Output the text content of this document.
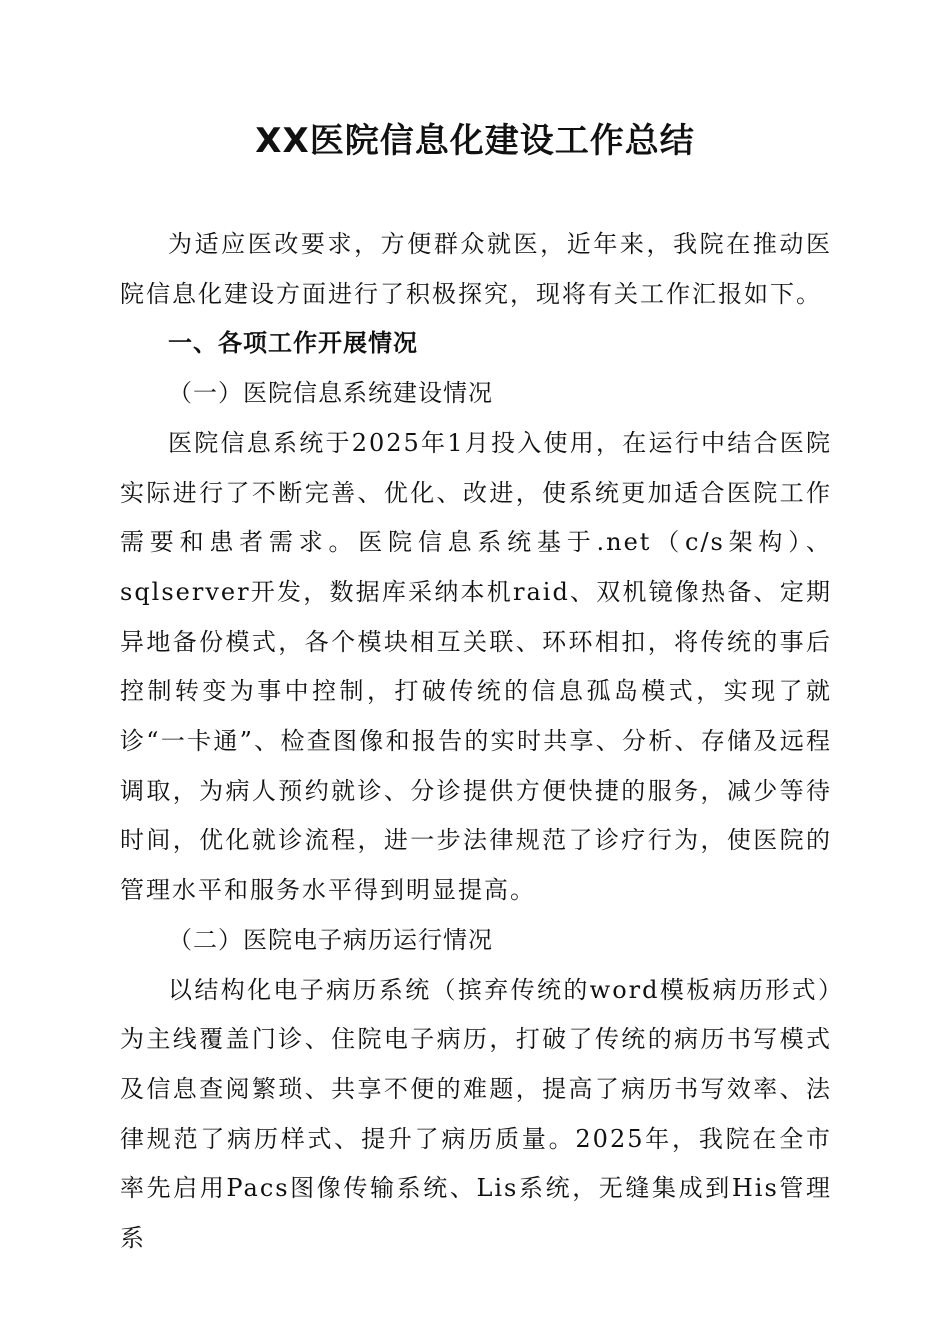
XX医院信息化建设工作总结

为适应医改要求，方便群众就医，近年来，我院在推动医院信息化建设方面进行了积极探究，现将有关工作汇报如下。

一、各项工作开展情况

（一）医院信息系统建设情况

医院信息系统于2025年1月投入使用，在运行中结合医院实际进行了不断完善、优化、改进，使系统更加适合医院工作需要和患者需求。医院信息系统基于.net（c/s架构）、sqlserver开发，数据库采纳本机raid、双机镜像热备、定期异地备份模式，各个模块相互关联、环环相扣，将传统的事后控制转变为事中控制，打破传统的信息孤岛模式，实现了就诊“一卡通”、检查图像和报告的实时共享、分析、存储及远程调取，为病人预约就诊、分诊提供方便快捷的服务，减少等待时间，优化就诊流程，进一步法律规范了诊疗行为，使医院的管理水平和服务水平得到明显提高。

（二）医院电子病历运行情况

以结构化电子病历系统（摈弃传统的word模板病历形式）为主线覆盖门诊、住院电子病历，打破了传统的病历书写模式及信息查阅繁琐、共享不便的难题，提高了病历书写效率、法律规范了病历样式、提升了病历质量。2025年，我院在全市率先启用Pacs图像传输系统、Lis系统，无缝集成到His管理系
